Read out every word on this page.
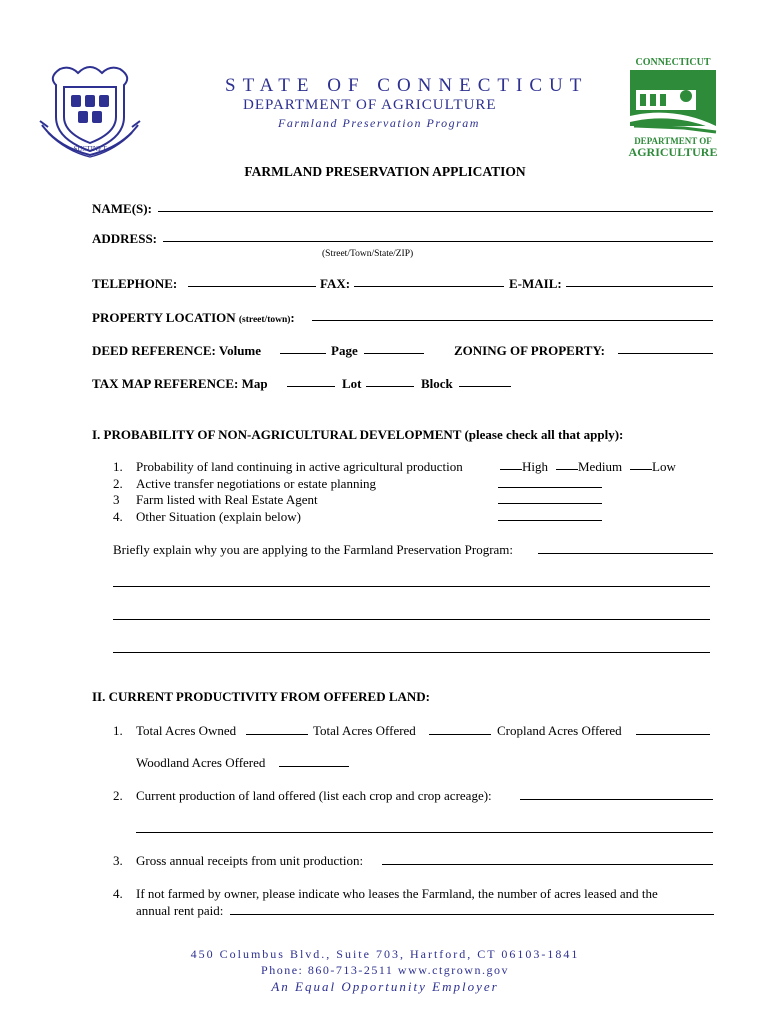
SUSTINET
STATE OF CONNECTICUT
DEPARTMENT OF AGRICULTURE
Farmland Preservation Program
CONNECTICUT
DEPARTMENT OF
AGRICULTURE
FARMLAND PRESERVATION APPLICATION
NAME(S):
ADDRESS:
(Street/Town/State/ZIP)
TELEPHONE:	FAX:	E-MAIL:
PROPERTY LOCATION (street/town):
DEED REFERENCE: Volume	Page	ZONING OF PROPERTY:
TAX MAP REFERENCE: Map	Lot	Block
I. PROBABILITY OF NON-AGRICULTURAL DEVELOPMENT (please check all that apply):
1. Probability of land continuing in active agricultural production	High Medium Low
2. Active transfer negotiations or estate planning
3 Farm listed with Real Estate Agent
4. Other Situation (explain below)
Briefly explain why you are applying to the Farmland Preservation Program:
II. CURRENT PRODUCTIVITY FROM OFFERED LAND:
1. Total Acres Owned	Total Acres Offered	Cropland Acres Offered
Woodland Acres Offered
2. Current production of land offered (list each crop and crop acreage):
3. Gross annual receipts from unit production:
4. If not farmed by owner, please indicate who leases the Farmland, the number of acres leased and the
annual rent paid:
450 Columbus Blvd., Suite 703, Hartford, CT 06103-1841
Phone: 860-713-2511 www.ctgrown.gov
An Equal Opportunity Employer
